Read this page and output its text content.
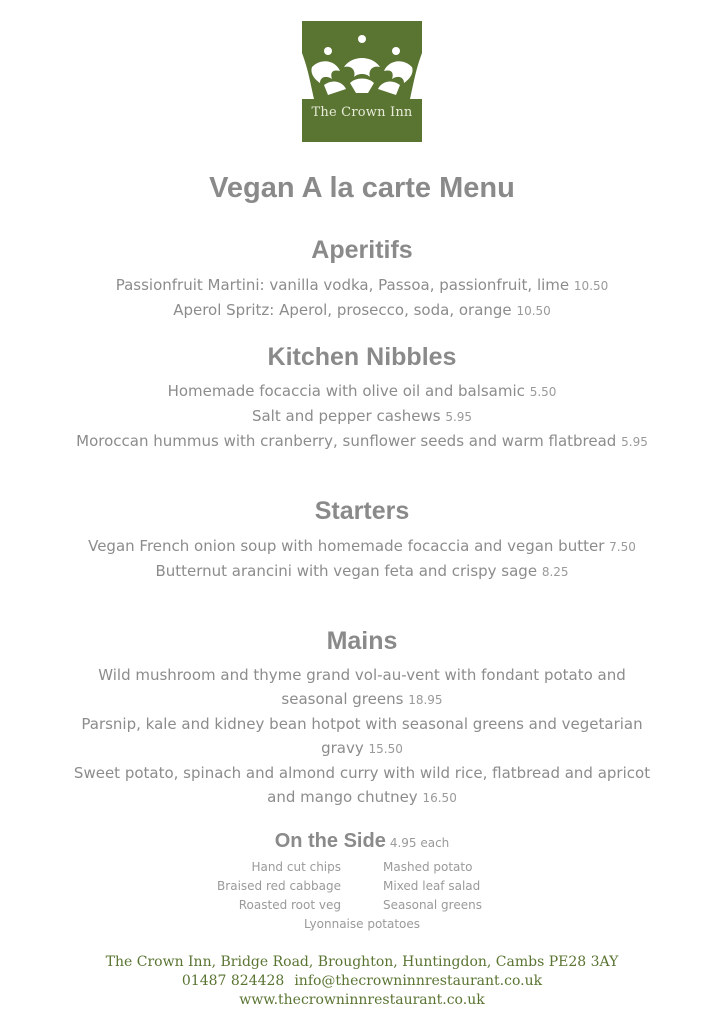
The Crown Inn
Vegan A la carte Menu
Aperitifs
Passionfruit Martini: vanilla vodka, Passoa, passionfruit, lime 10.50
Aperol Spritz: Aperol, prosecco, soda, orange 10.50
Kitchen Nibbles
Homemade focaccia with olive oil and balsamic 5.50
Salt and pepper cashews 5.95
Moroccan hummus with cranberry, sunflower seeds and warm flatbread 5.95
Starters
Vegan French onion soup with homemade focaccia and vegan butter 7.50
Butternut arancini with vegan feta and crispy sage 8.25
Mains
Wild mushroom and thyme grand vol-au-vent with fondant potato and seasonal greens 18.95
Parsnip, kale and kidney bean hotpot with seasonal greens and vegetarian gravy 15.50
Sweet potato, spinach and almond curry with wild rice, flatbread and apricot and mango chutney 16.50
On the Side 4.95 each
Hand cut chips
Braised red cabbage
Roasted root veg
Mashed potato
Mixed leaf salad
Seasonal greens
Lyonnaise potatoes
The Crown Inn, Bridge Road, Broughton, Huntingdon, Cambs PE28 3AY
01487 824428 info@thecrowninnrestaurant.co.uk
www.thecrowninnrestaurant.co.uk
